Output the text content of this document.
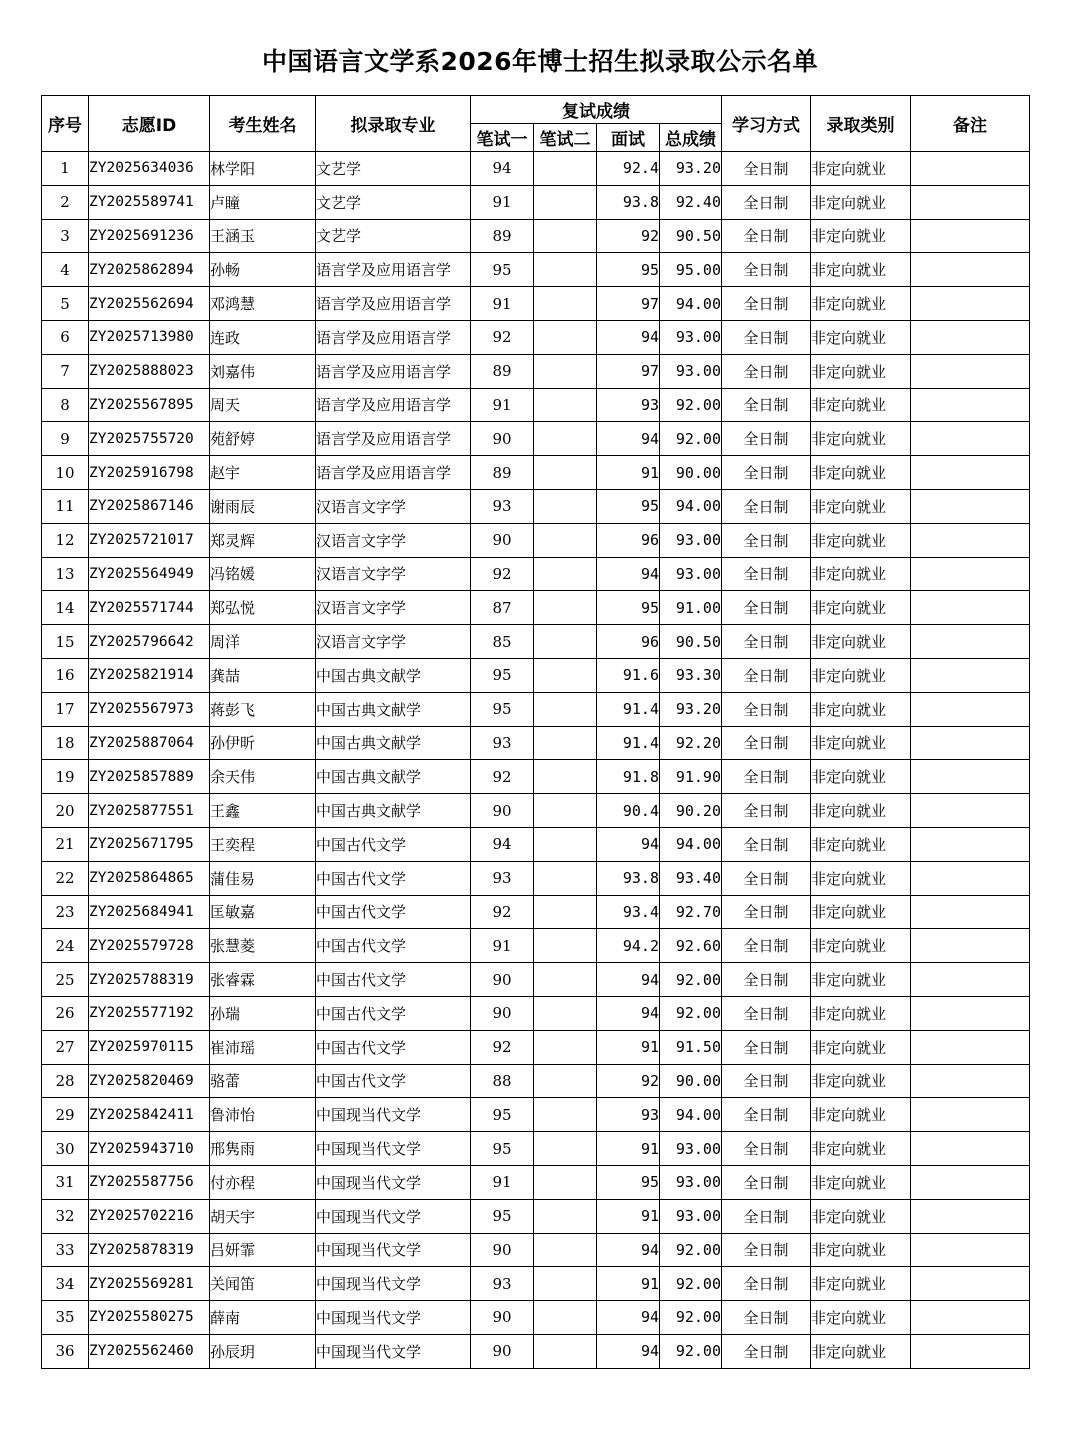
中国语言文学系2026年博士招生拟录取公示名单
序号	志愿ID	考生姓名	拟录取专业	复试成绩				学习方式	录取类别	备注
				笔试一	笔试二	面试	总成绩			
1	ZY2025634036	林学阳	文艺学	94		92.4	93.20	全日制	非定向就业	
2	ZY2025589741	卢瞳	文艺学	91		93.8	92.40	全日制	非定向就业	
3	ZY2025691236	王涵玉	文艺学	89		92	90.50	全日制	非定向就业	
4	ZY2025862894	孙畅	语言学及应用语言学	95		95	95.00	全日制	非定向就业	
5	ZY2025562694	邓鸿慧	语言学及应用语言学	91		97	94.00	全日制	非定向就业	
6	ZY2025713980	连政	语言学及应用语言学	92		94	93.00	全日制	非定向就业	
7	ZY2025888023	刘嘉伟	语言学及应用语言学	89		97	93.00	全日制	非定向就业	
8	ZY2025567895	周天	语言学及应用语言学	91		93	92.00	全日制	非定向就业	
9	ZY2025755720	苑舒婷	语言学及应用语言学	90		94	92.00	全日制	非定向就业	
10	ZY2025916798	赵宇	语言学及应用语言学	89		91	90.00	全日制	非定向就业	
11	ZY2025867146	谢雨辰	汉语言文字学	93		95	94.00	全日制	非定向就业	
12	ZY2025721017	郑灵辉	汉语言文字学	90		96	93.00	全日制	非定向就业	
13	ZY2025564949	冯铭媛	汉语言文字学	92		94	93.00	全日制	非定向就业	
14	ZY2025571744	郑弘悦	汉语言文字学	87		95	91.00	全日制	非定向就业	
15	ZY2025796642	周洋	汉语言文字学	85		96	90.50	全日制	非定向就业	
16	ZY2025821914	龚喆	中国古典文献学	95		91.6	93.30	全日制	非定向就业	
17	ZY2025567973	蒋彭飞	中国古典文献学	95		91.4	93.20	全日制	非定向就业	
18	ZY2025887064	孙伊昕	中国古典文献学	93		91.4	92.20	全日制	非定向就业	
19	ZY2025857889	余天伟	中国古典文献学	92		91.8	91.90	全日制	非定向就业	
20	ZY2025877551	王鑫	中国古典文献学	90		90.4	90.20	全日制	非定向就业	
21	ZY2025671795	王奕程	中国古代文学	94		94	94.00	全日制	非定向就业	
22	ZY2025864865	蒲佳易	中国古代文学	93		93.8	93.40	全日制	非定向就业	
23	ZY2025684941	匡敏嘉	中国古代文学	92		93.4	92.70	全日制	非定向就业	
24	ZY2025579728	张慧菱	中国古代文学	91		94.2	92.60	全日制	非定向就业	
25	ZY2025788319	张睿霖	中国古代文学	90		94	92.00	全日制	非定向就业	
26	ZY2025577192	孙瑞	中国古代文学	90		94	92.00	全日制	非定向就业	
27	ZY2025970115	崔沛瑶	中国古代文学	92		91	91.50	全日制	非定向就业	
28	ZY2025820469	骆蕾	中国古代文学	88		92	90.00	全日制	非定向就业	
29	ZY2025842411	鲁沛怡	中国现当代文学	95		93	94.00	全日制	非定向就业	
30	ZY2025943710	邢隽雨	中国现当代文学	95		91	93.00	全日制	非定向就业	
31	ZY2025587756	付亦程	中国现当代文学	91		95	93.00	全日制	非定向就业	
32	ZY2025702216	胡天宇	中国现当代文学	95		91	93.00	全日制	非定向就业	
33	ZY2025878319	吕妍霏	中国现当代文学	90		94	92.00	全日制	非定向就业	
34	ZY2025569281	关闻笛	中国现当代文学	93		91	92.00	全日制	非定向就业	
35	ZY2025580275	薛南	中国现当代文学	90		94	92.00	全日制	非定向就业	
36	ZY2025562460	孙辰玥	中国现当代文学	90		94	92.00	全日制	非定向就业	
